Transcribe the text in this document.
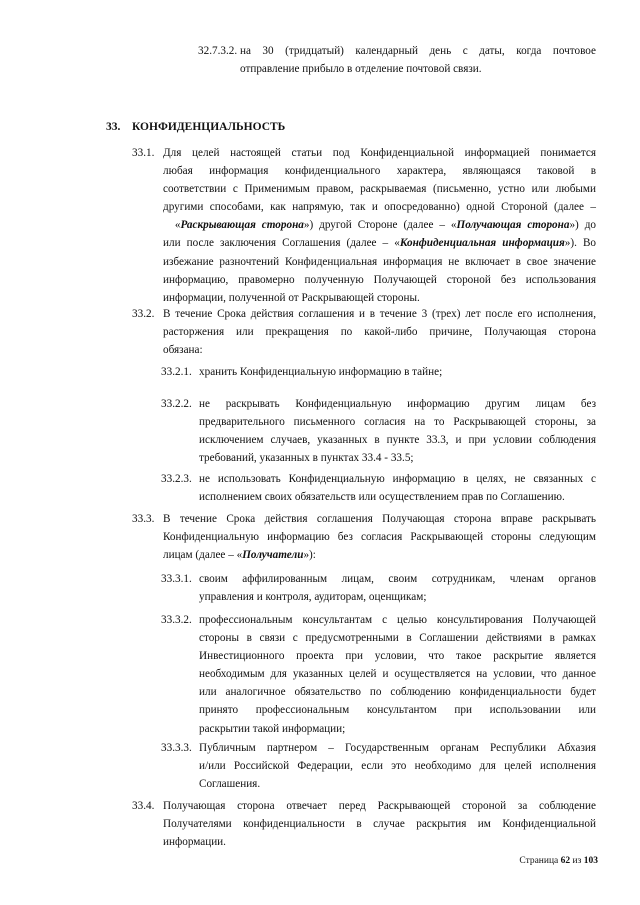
32.7.3.2. на 30 (тридцатый) календарный день с даты, когда почтовое
отправление прибыло в отделение почтовой связи.
33. КОНФИДЕНЦИАЛЬНОСТЬ
33.1. Для целей настоящей статьи под Конфиденциальной информацией понимается
любая информация конфиденциального характера, являющаяся таковой в
соответствии с Применимым правом, раскрываемая (письменно, устно или любыми
другими способами, как напрямую, так и опосредованно) одной Стороной (далее –
«Раскрывающая сторона») другой Стороне (далее – «Получающая сторона») до
или после заключения Соглашения (далее – «Конфиденциальная информация»). Во
избежание разночтений Конфиденциальная информация не включает в свое значение
информацию, правомерно полученную Получающей стороной без использования
информации, полученной от Раскрывающей стороны.
33.2. В течение Срока действия соглашения и в течение 3 (трех) лет после его исполнения,
расторжения или прекращения по какой-либо причине, Получающая сторона
обязана:
33.2.1. хранить Конфиденциальную информацию в тайне;
33.2.2. не раскрывать Конфиденциальную информацию другим лицам без
предварительного письменного согласия на то Раскрывающей стороны, за
исключением случаев, указанных в пункте 33.3, и при условии соблюдения
требований, указанных в пунктах 33.4 - 33.5;
33.2.3. не использовать Конфиденциальную информацию в целях, не связанных с
исполнением своих обязательств или осуществлением прав по Соглашению.
33.3. В течение Срока действия соглашения Получающая сторона вправе раскрывать
Конфиденциальную информацию без согласия Раскрывающей стороны следующим
лицам (далее – «Получатели»):
33.3.1. своим аффилированным лицам, своим сотрудникам, членам органов
управления и контроля, аудиторам, оценщикам;
33.3.2. профессиональным консультантам с целью консультирования Получающей
стороны в связи с предусмотренными в Соглашении действиями в рамках
Инвестиционного проекта при условии, что такое раскрытие является
необходимым для указанных целей и осуществляется на условии, что данное
или аналогичное обязательство по соблюдению конфиденциальности будет
принято профессиональным консультантом при использовании или
раскрытии такой информации;
33.3.3. Публичным партнером – Государственным органам Республики Абхазия
и/или Российской Федерации, если это необходимо для целей исполнения
Соглашения.
33.4. Получающая сторона отвечает перед Раскрывающей стороной за соблюдение
Получателями конфиденциальности в случае раскрытия им Конфиденциальной
информации.
Страница 62 из 103
